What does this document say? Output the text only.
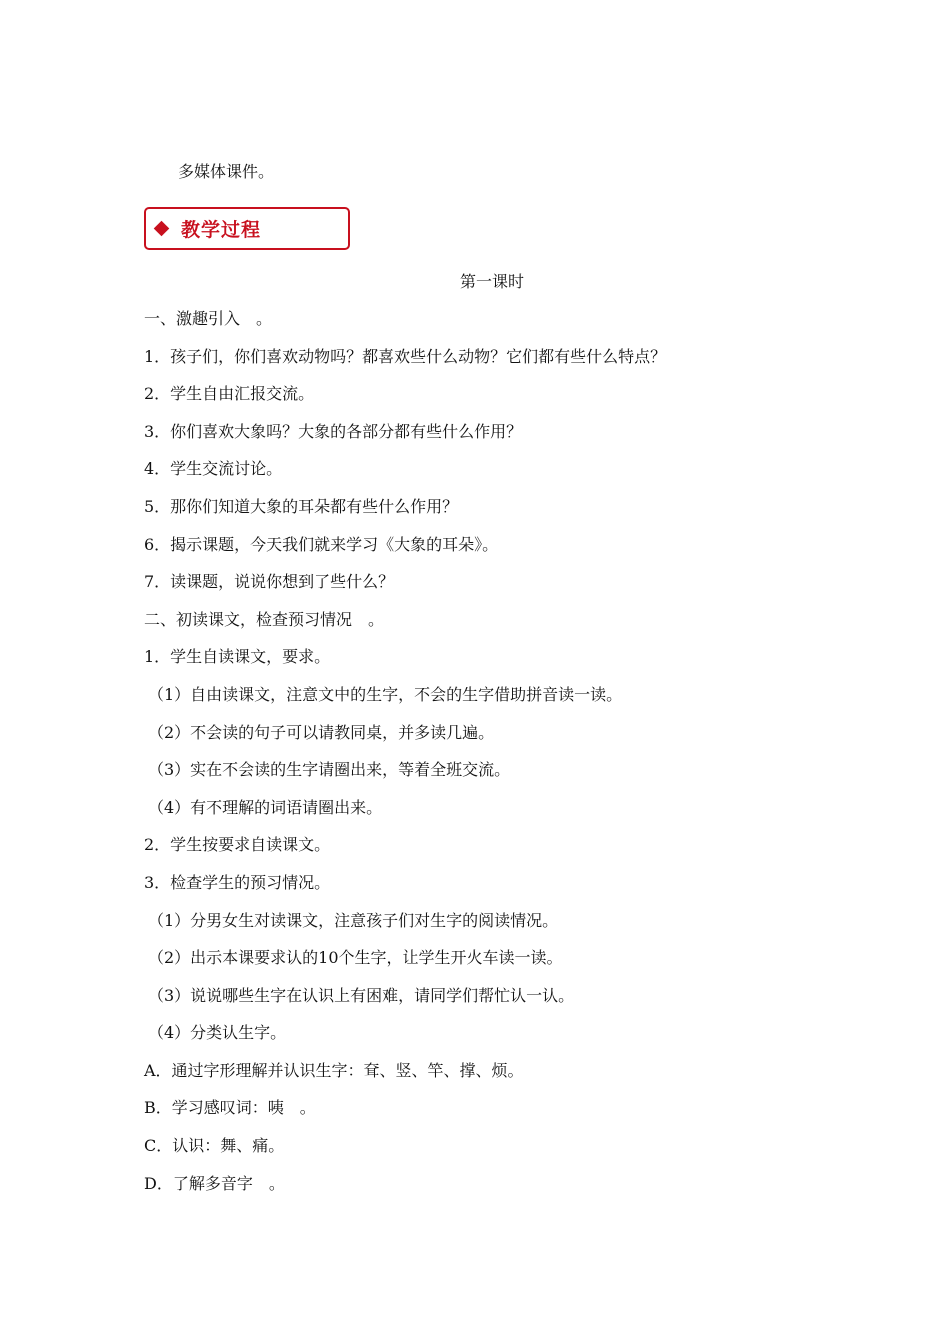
多媒体课件。
教学过程
第一课时
一、激趣引入　。
1．孩子们，你们喜欢动物吗？都喜欢些什么动物？它们都有些什么特点？
2．学生自由汇报交流。
3．你们喜欢大象吗？大象的各部分都有些什么作用？
4．学生交流讨论。
5．那你们知道大象的耳朵都有些什么作用？
6．揭示课题，今天我们就来学习《大象的耳朵》。
7．读课题，说说你想到了些什么？
二、初读课文，检查预习情况　。
1．学生自读课文，要求。
（1）自由读课文，注意文中的生字，不会的生字借助拼音读一读。
（2）不会读的句子可以请教同桌，并多读几遍。
（3）实在不会读的生字请圈出来，等着全班交流。
（4）有不理解的词语请圈出来。
2．学生按要求自读课文。
3．检查学生的预习情况。
（1）分男女生对读课文，注意孩子们对生字的阅读情况。
（2）出示本课要求认的10个生字，让学生开火车读一读。
（3）说说哪些生字在认识上有困难，请同学们帮忙认一认。
（4）分类认生字。
A．通过字形理解并认识生字：耷、竖、竿、撑、烦。
B．学习感叹词：咦　。
C．认识：舞、痛。
D．了解多音字　。
